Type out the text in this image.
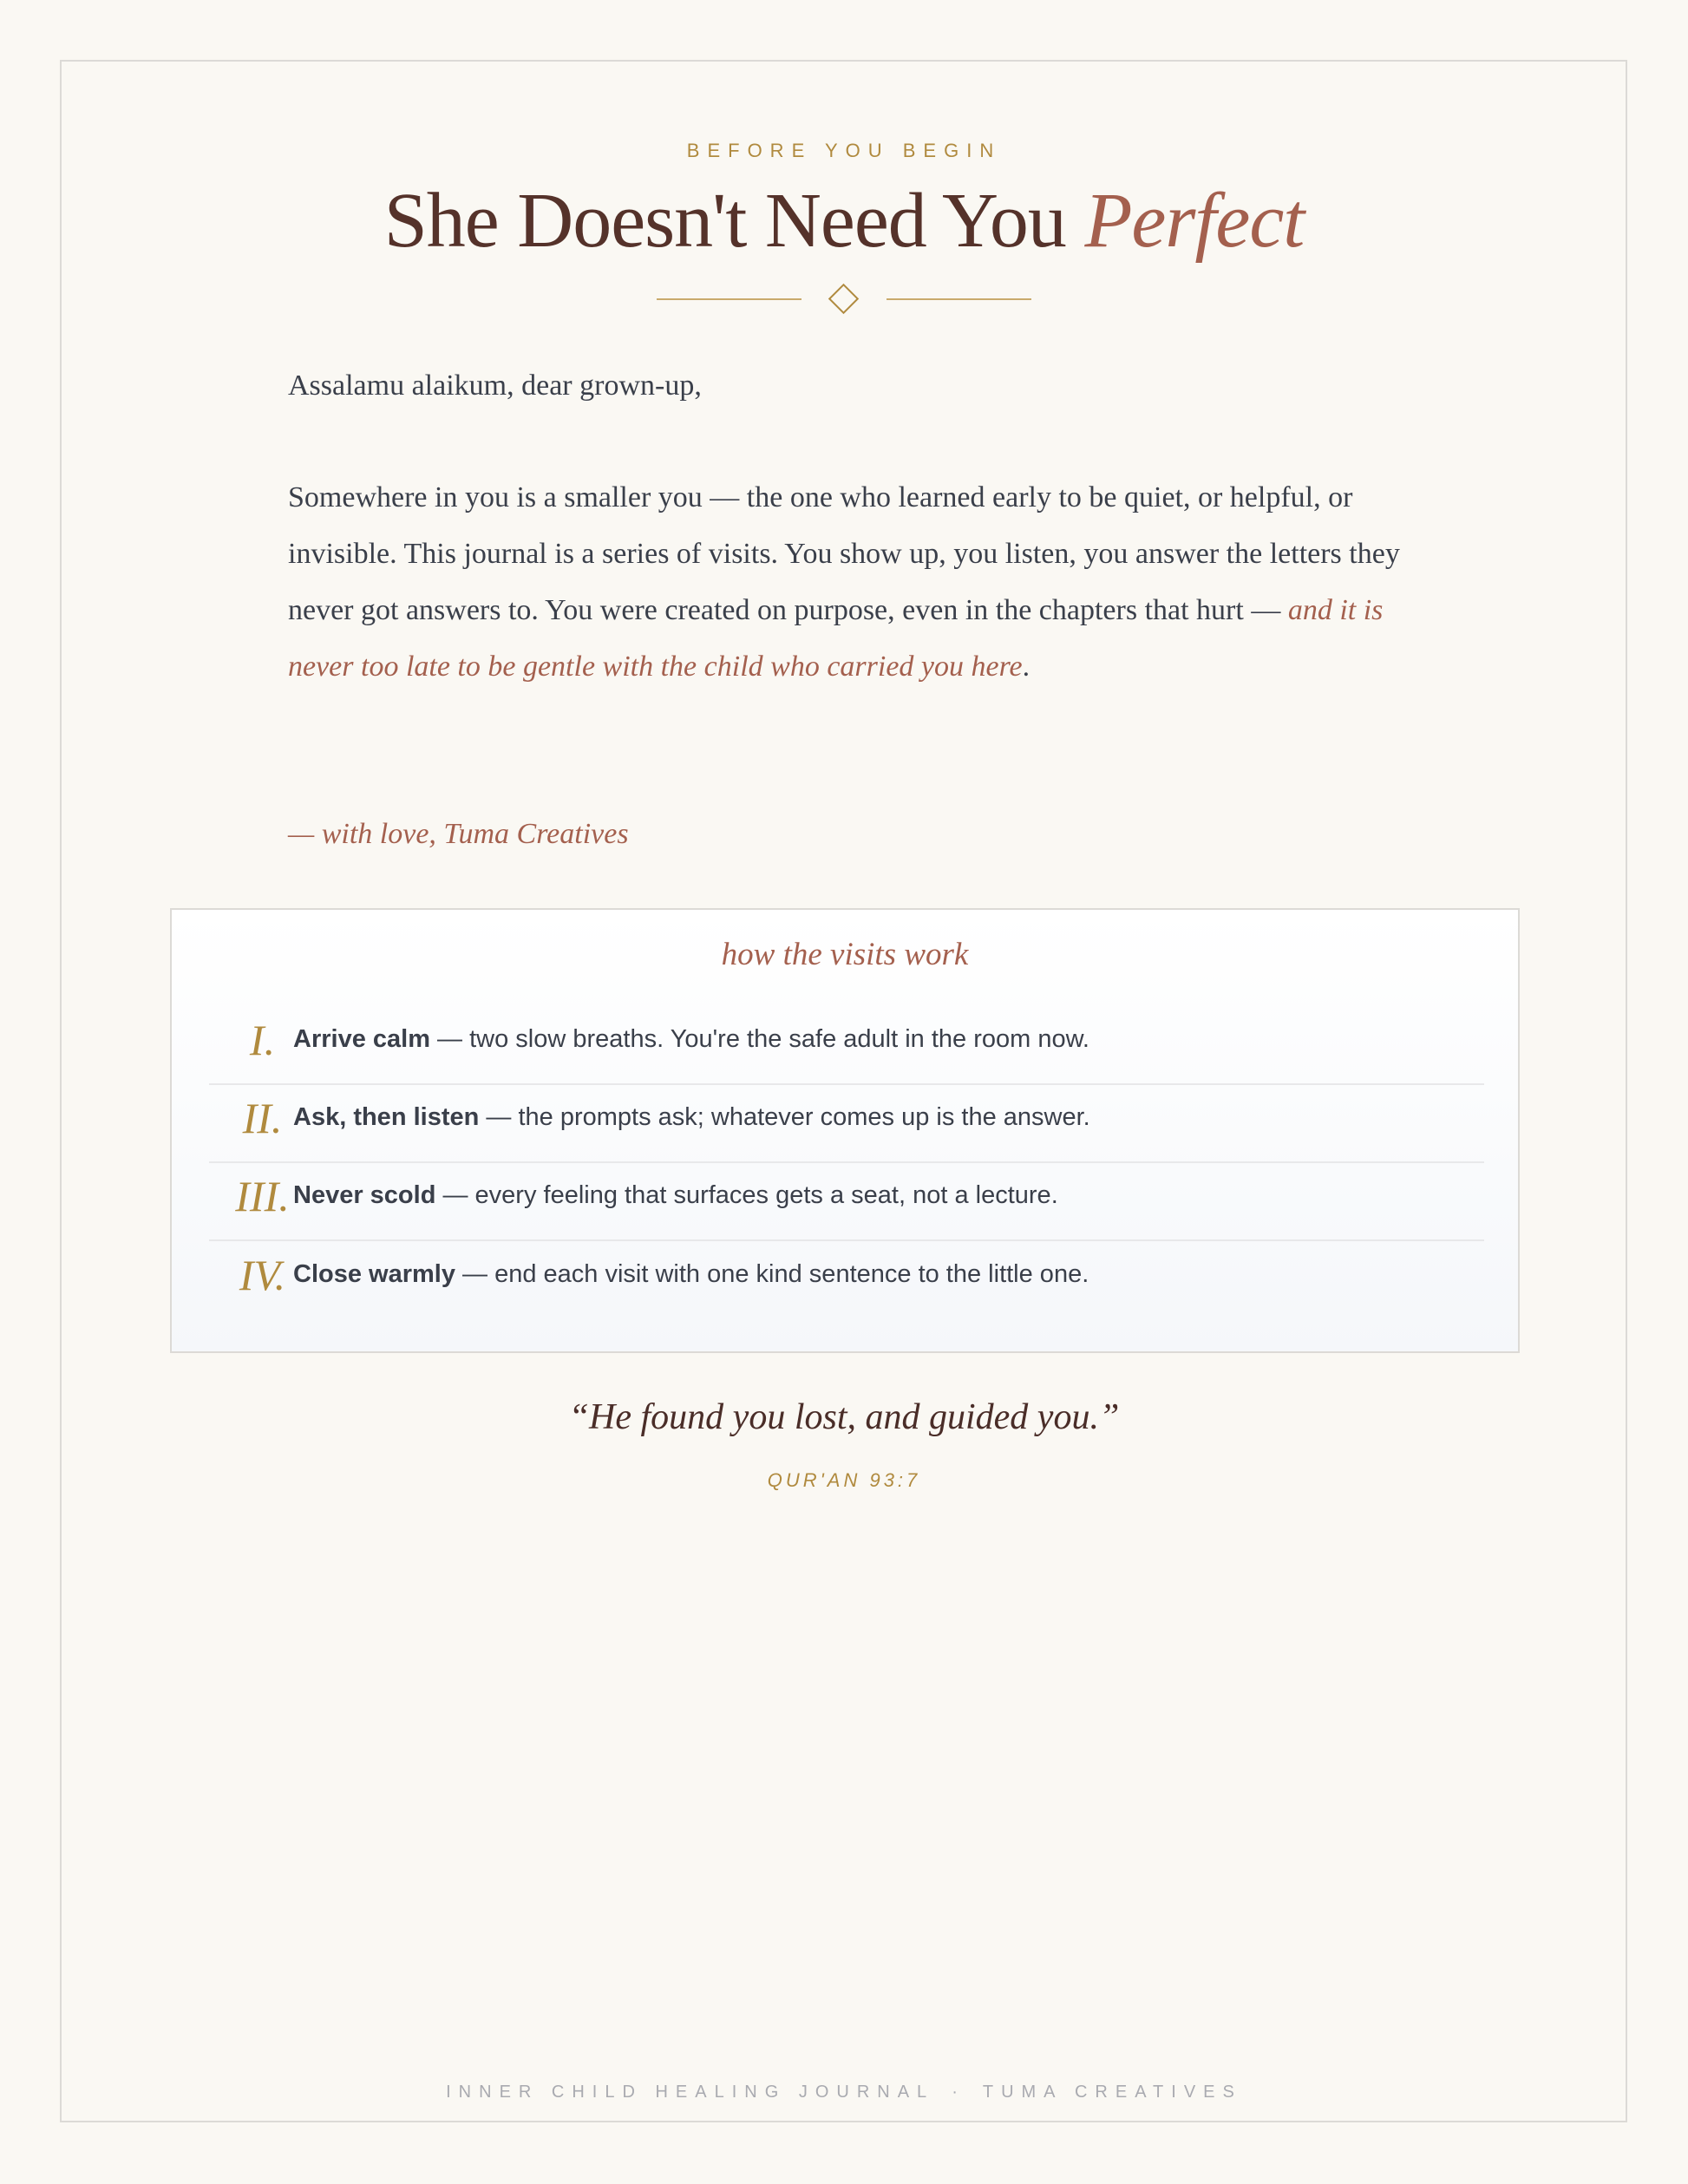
BEFORE YOU BEGIN
She Doesn't Need You Perfect

Assalamu alaikum, dear grown-up,

Somewhere in you is a smaller you — the one who learned early to be quiet, or helpful, or invisible. This journal is a series of visits. You show up, you listen, you answer the letters they never got answers to. You were created on purpose, even in the chapters that hurt — and it is never too late to be gentle with the child who carried you here.

— with love, Tuma Creatives

how the visits work
I. Arrive calm — two slow breaths. You're the safe adult in the room now.
II. Ask, then listen — the prompts ask; whatever comes up is the answer.
III. Never scold — every feeling that surfaces gets a seat, not a lecture.
IV. Close warmly — end each visit with one kind sentence to the little one.
“He found you lost, and guided you.”
QUR'AN 93:7
INNER CHILD HEALING JOURNAL · TUMA CREATIVES
